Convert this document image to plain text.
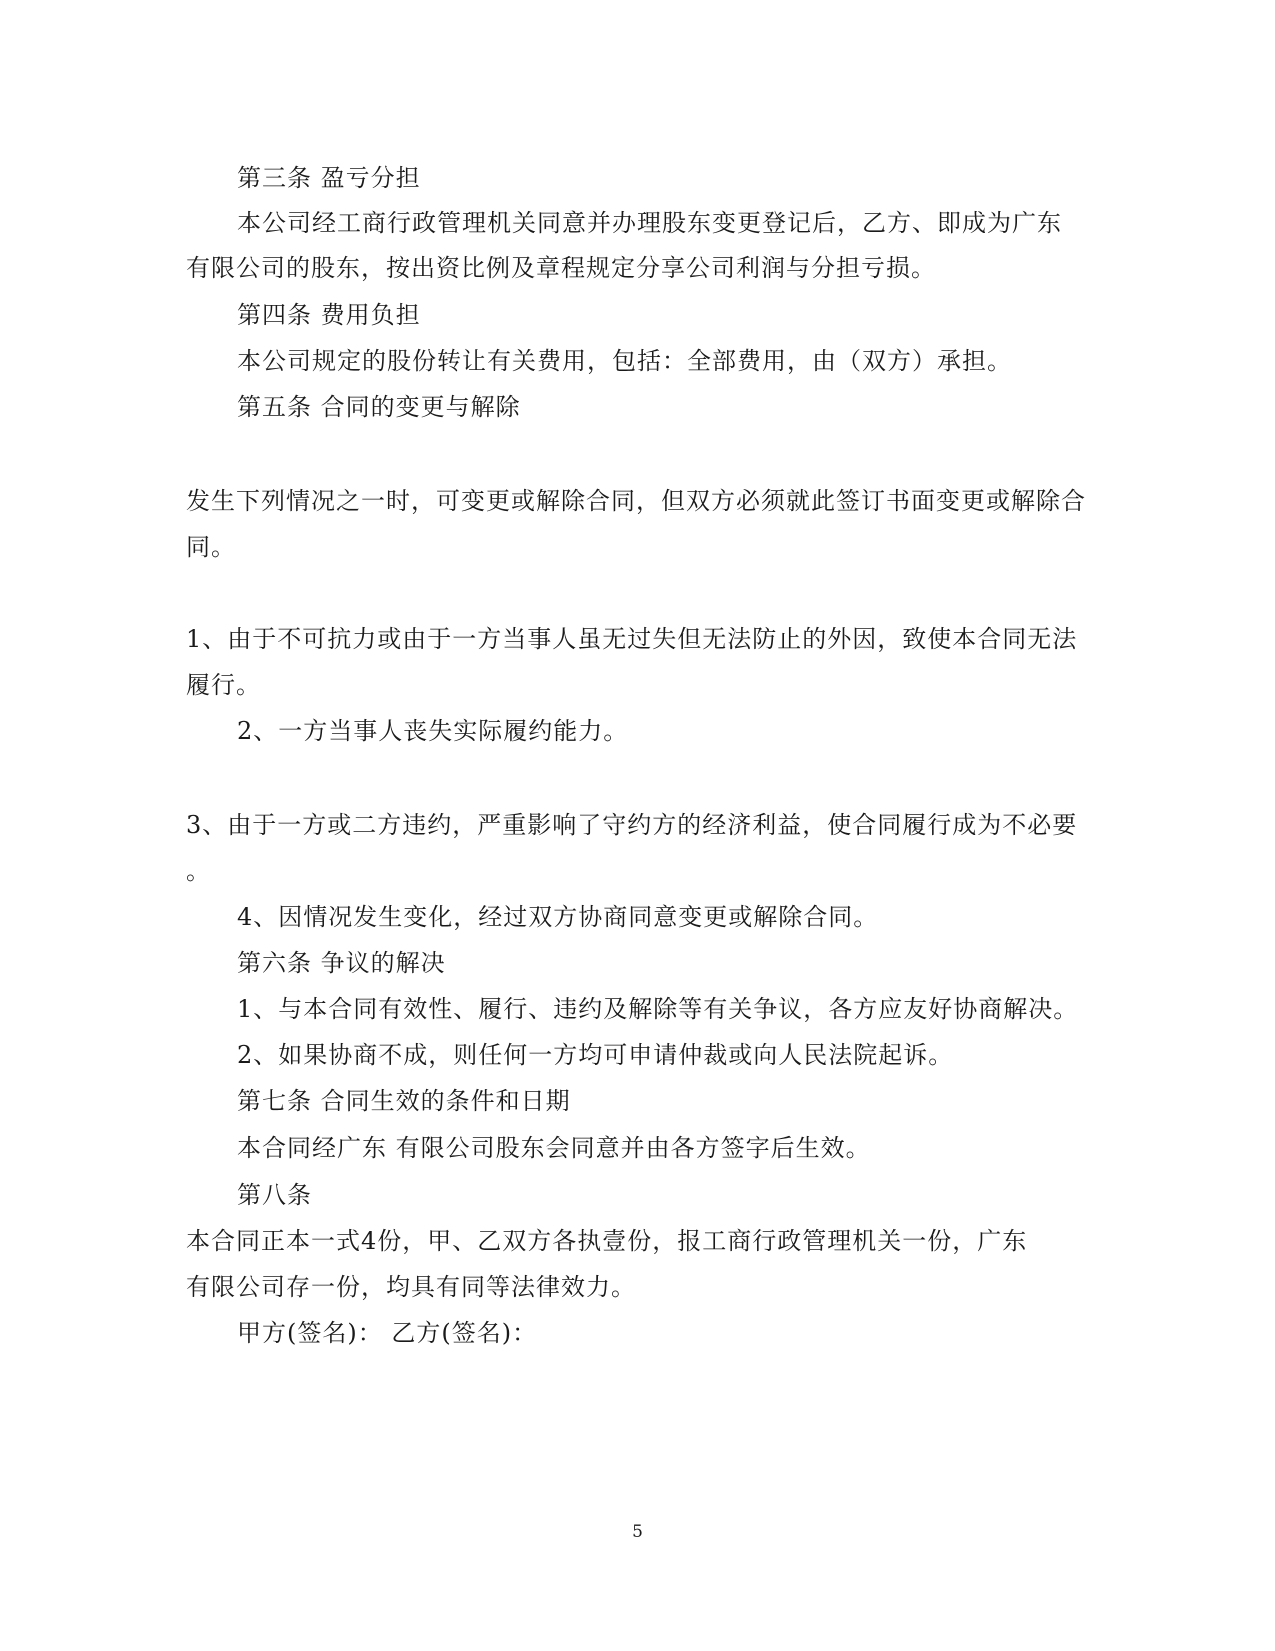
第三条 盈亏分担
本公司经工商行政管理机关同意并办理股东变更登记后，乙方、即成为广东
有限公司的股东，按出资比例及章程规定分享公司利润与分担亏损。
第四条 费用负担
本公司规定的股份转让有关费用，包括：全部费用，由（双方）承担。
第五条 合同的变更与解除
发生下列情况之一时，可变更或解除合同，但双方必须就此签订书面变更或解除合
同。
1、由于不可抗力或由于一方当事人虽无过失但无法防止的外因，致使本合同无法
履行。
2、一方当事人丧失实际履约能力。
3、由于一方或二方违约，严重影响了守约方的经济利益，使合同履行成为不必要
。
4、因情况发生变化，经过双方协商同意变更或解除合同。
第六条 争议的解决
1、与本合同有效性、履行、违约及解除等有关争议，各方应友好协商解决。
2、如果协商不成，则任何一方均可申请仲裁或向人民法院起诉。
第七条 合同生效的条件和日期
本合同经广东 有限公司股东会同意并由各方签字后生效。
第八条
本合同正本一式4份，甲、乙双方各执壹份，报工商行政管理机关一份，广东
有限公司存一份，均具有同等法律效力。
甲方(签名)： 乙方(签名)：
5
